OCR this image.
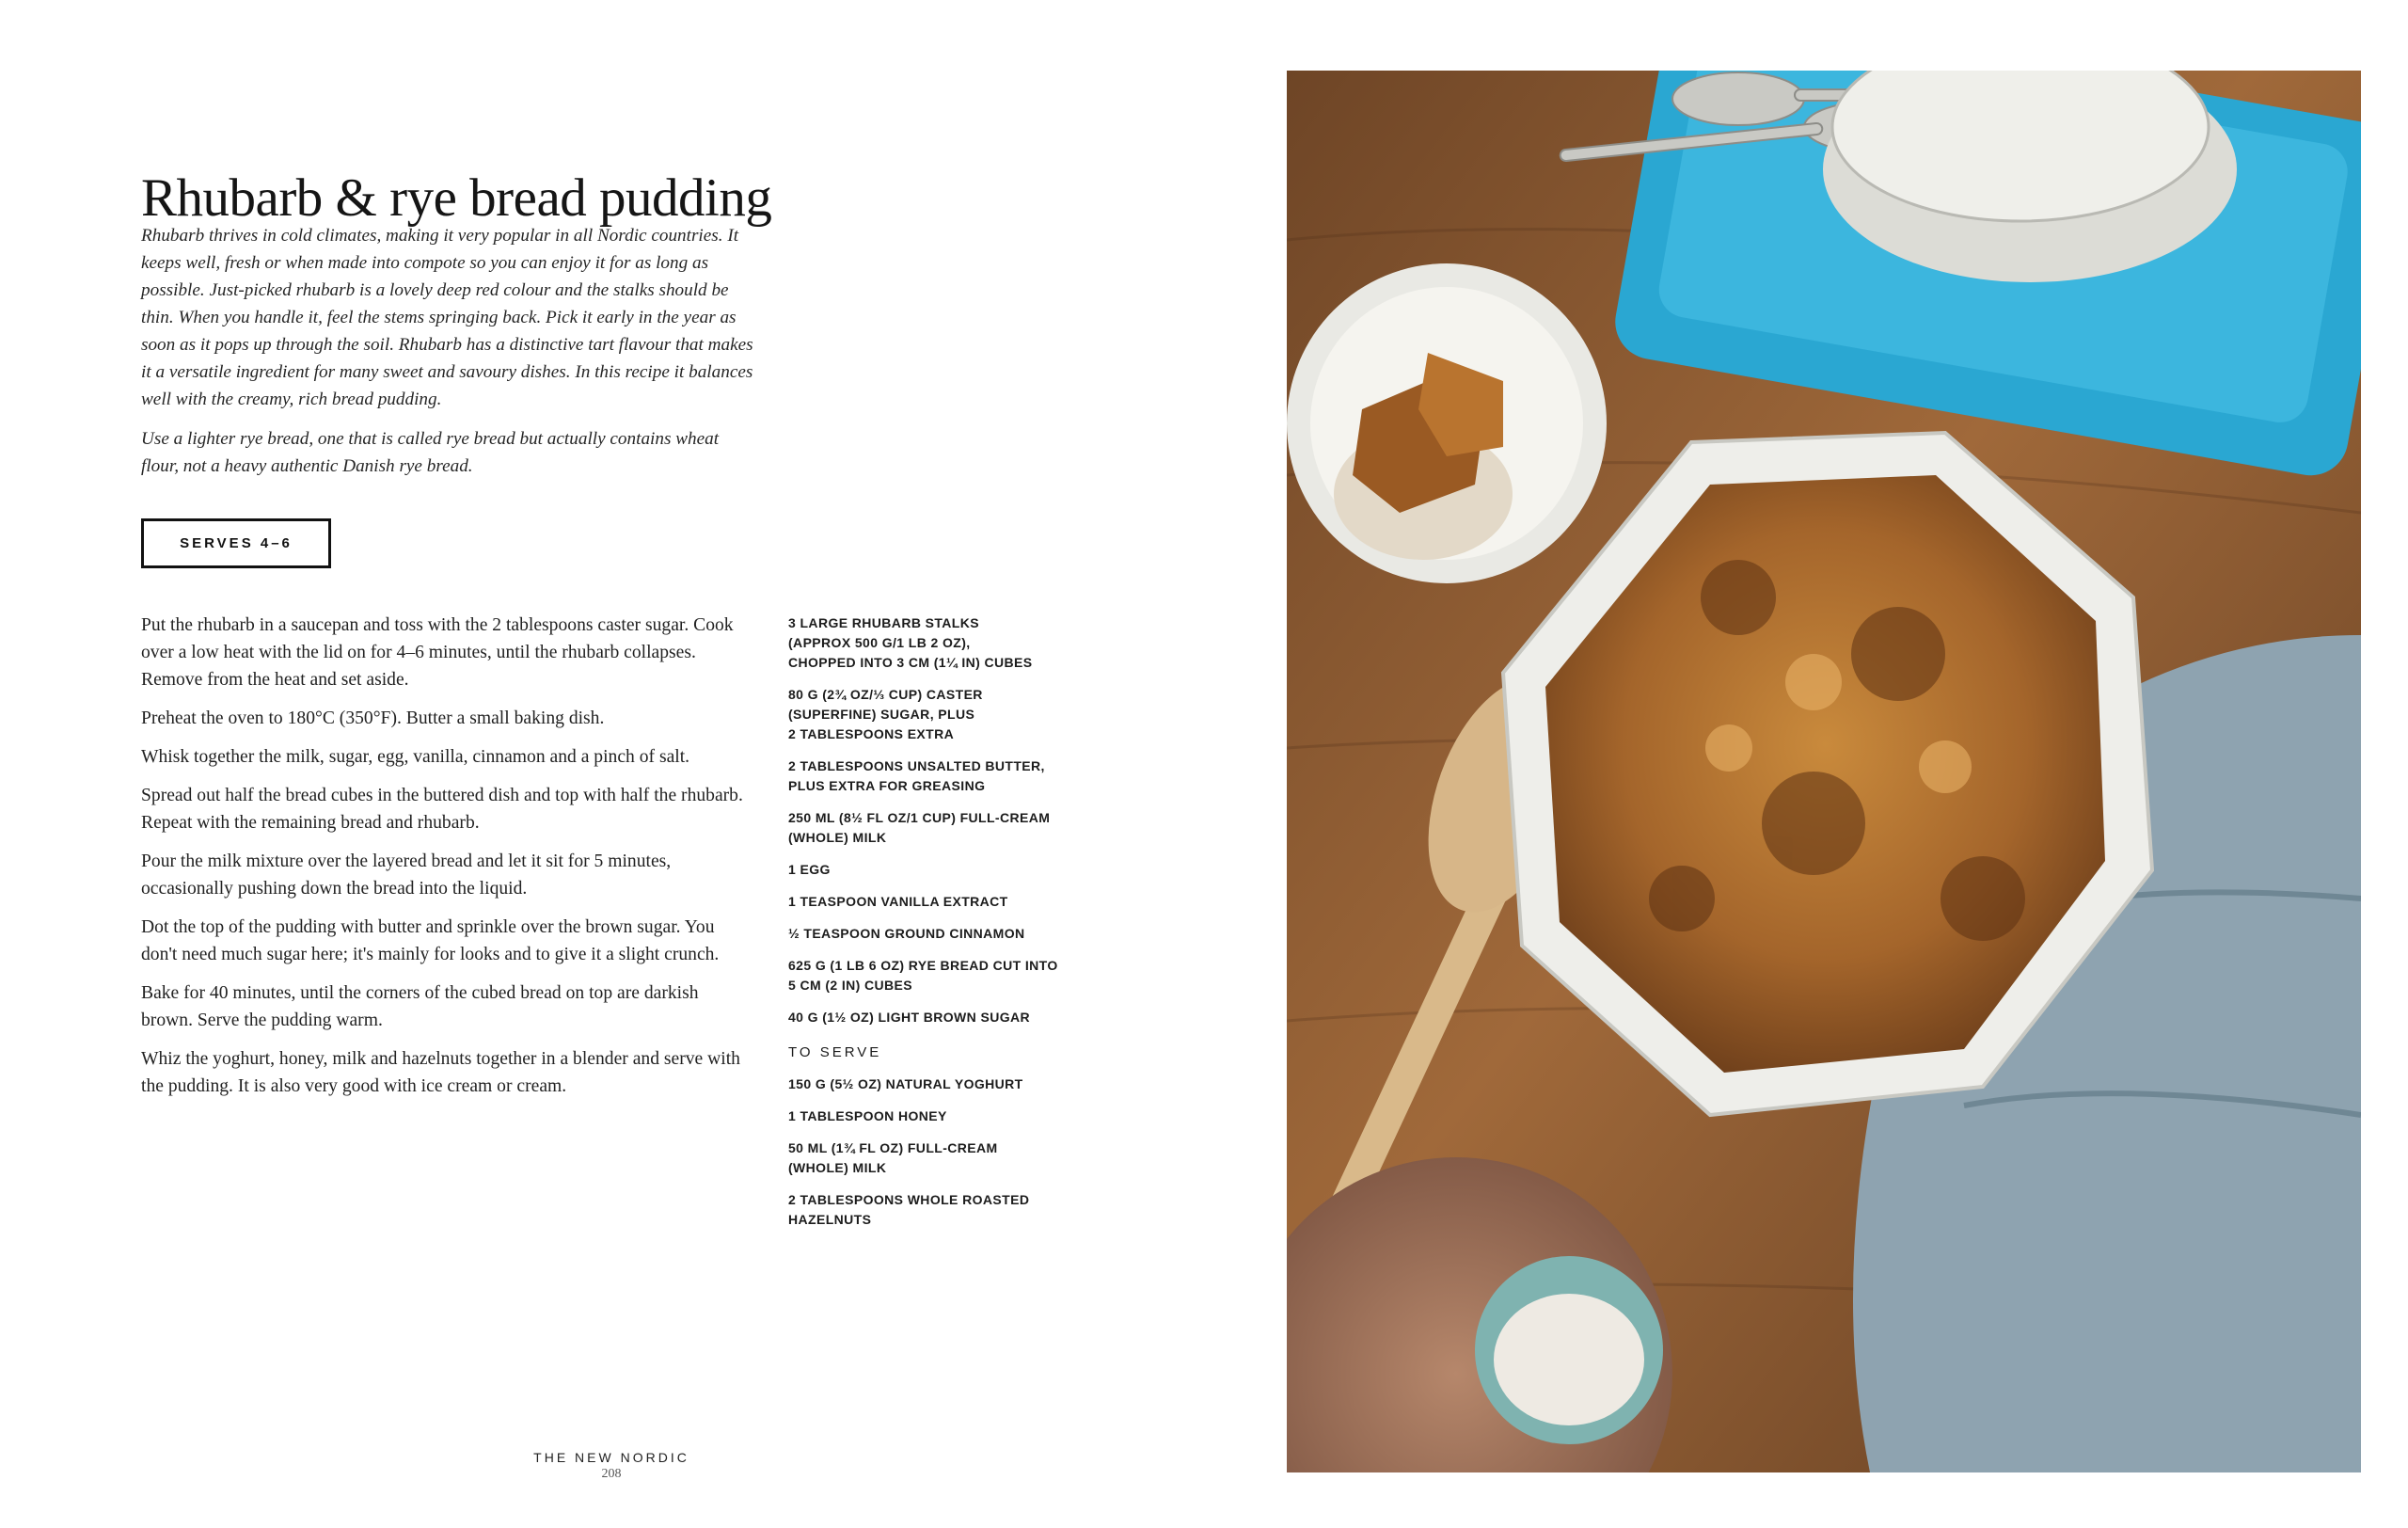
Rhubarb & rye bread pudding

Rhubarb thrives in cold climates, making it very popular in all Nordic countries. It keeps well, fresh or when made into compote so you can enjoy it for as long as possible. Just-picked rhubarb is a lovely deep red colour and the stalks should be thin. When you handle it, feel the stems springing back. Pick it early in the year as soon as it pops up through the soil. Rhubarb has a distinctive tart flavour that makes it a versatile ingredient for many sweet and savoury dishes. In this recipe it balances well with the creamy, rich bread pudding.

Use a lighter rye bread, one that is called rye bread but actually contains wheat flour, not a heavy authentic Danish rye bread.

SERVES 4–6

Put the rhubarb in a saucepan and toss with the 2 tablespoons caster sugar. Cook over a low heat with the lid on for 4–6 minutes, until the rhubarb collapses. Remove from the heat and set aside.

Preheat the oven to 180°C (350°F). Butter a small baking dish.

Whisk together the milk, sugar, egg, vanilla, cinnamon and a pinch of salt.

Spread out half the bread cubes in the buttered dish and top with half the rhubarb. Repeat with the remaining bread and rhubarb.

Pour the milk mixture over the layered bread and let it sit for 5 minutes, occasionally pushing down the bread into the liquid.

Dot the top of the pudding with butter and sprinkle over the brown sugar. You don't need much sugar here; it's mainly for looks and to give it a slight crunch.

Bake for 40 minutes, until the corners of the cubed bread on top are darkish brown. Serve the pudding warm.

Whiz the yoghurt, honey, milk and hazelnuts together in a blender and serve with the pudding. It is also very good with ice cream or cream.

3 LARGE RHUBARB STALKS
(APPROX 500 G/1 LB 2 OZ),
CHOPPED INTO 3 CM (1¼ IN) CUBES
80 G (2¾ OZ/⅓ CUP) CASTER
(SUPERFINE) SUGAR, PLUS
2 TABLESPOONS EXTRA
2 TABLESPOONS UNSALTED BUTTER,
PLUS EXTRA FOR GREASING
250 ML (8½ FL OZ/1 CUP) FULL-CREAM
(WHOLE) MILK
1 EGG
1 TEASPOON VANILLA EXTRACT
½ TEASPOON GROUND CINNAMON
625 G (1 LB 6 OZ) RYE BREAD CUT INTO
5 CM (2 IN) CUBES
40 G (1½ OZ) LIGHT BROWN SUGAR
TO SERVE
150 G (5½ OZ) NATURAL YOGHURT
1 TABLESPOON HONEY
50 ML (1¾ FL OZ) FULL-CREAM
(WHOLE) MILK
2 TABLESPOONS WHOLE ROASTED
HAZELNUTS
THE NEW NORDIC
208
